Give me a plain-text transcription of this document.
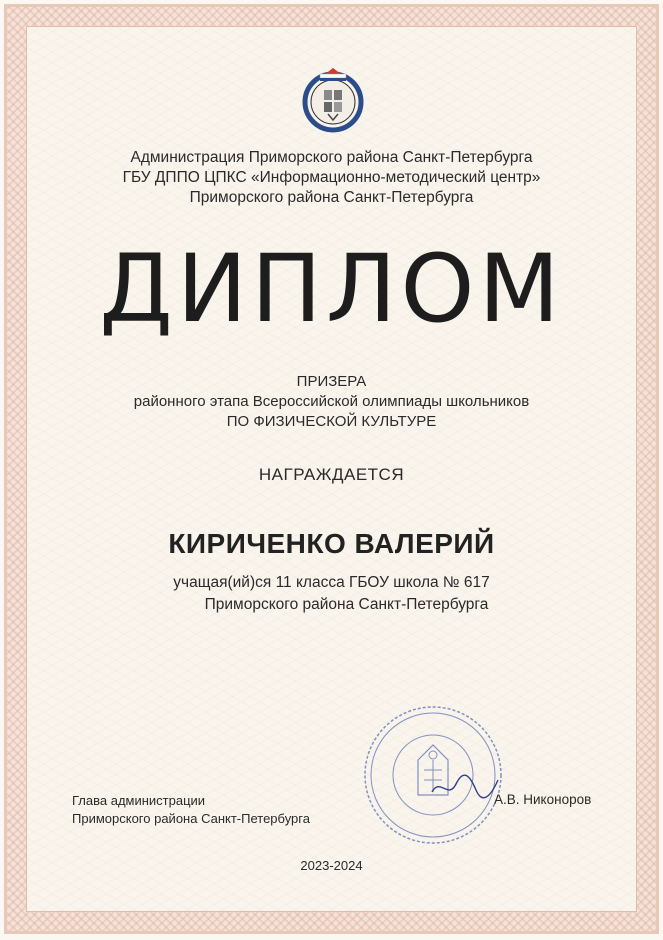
Администрация Приморского района Санкт-Петербурга
ГБУ ДППО ЦПКС «Информационно-методический центр»
Приморского района Санкт-Петербурга
ДИПЛОМ
ПРИЗЕРА
районного этапа Всероссийской олимпиады школьников
ПО ФИЗИЧЕСКОЙ КУЛЬТУРЕ
НАГРАЖДАЕТСЯ
КИРИЧЕНКО ВАЛЕРИЙ
учащая(ий)ся 11 класса ГБОУ школа № 617
Приморского района Санкт-Петербурга
Глава администрации
Приморского района Санкт-Петербурга
А.В. Никоноров
2023-2024
